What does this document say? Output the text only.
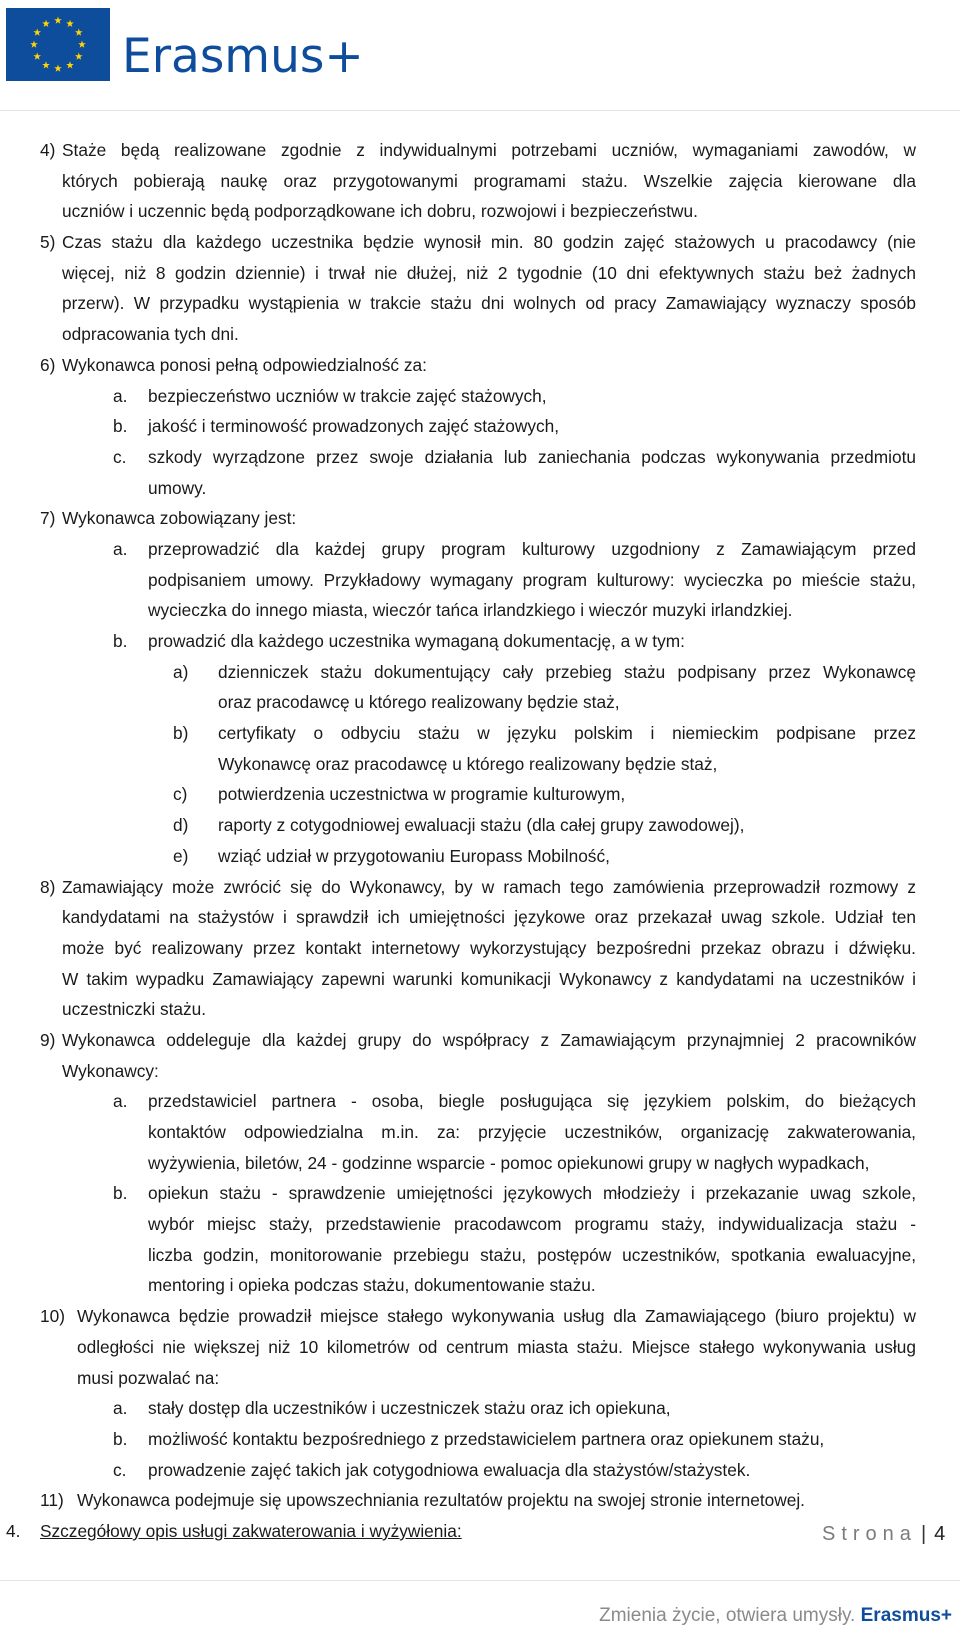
Erasmus+
4) Staże będą realizowane zgodnie z indywidualnymi potrzebami uczniów, wymaganiami zawodów, w
których pobierają naukę oraz przygotowanymi programami stażu. Wszelkie zajęcia kierowane dla
uczniów i uczennic będą podporządkowane ich dobru, rozwojowi i bezpieczeństwu.
5) Czas stażu dla każdego uczestnika będzie wynosił min. 80 godzin zajęć stażowych u pracodawcy (nie
więcej, niż 8 godzin dziennie) i trwał nie dłużej, niż 2 tygodnie (10 dni efektywnych stażu beż żadnych
przerw). W przypadku wystąpienia w trakcie stażu dni wolnych od pracy Zamawiający wyznaczy sposób
odpracowania tych dni.
6) Wykonawca ponosi pełną odpowiedzialność za:
a. bezpieczeństwo uczniów w trakcie zajęć stażowych,
b. jakość i terminowość prowadzonych zajęć stażowych,
c. szkody wyrządzone przez swoje działania lub zaniechania podczas wykonywania przedmiotu
umowy.
7) Wykonawca zobowiązany jest:
a. przeprowadzić dla każdej grupy program kulturowy uzgodniony z Zamawiającym przed
podpisaniem umowy. Przykładowy wymagany program kulturowy: wycieczka po mieście stażu,
wycieczka do innego miasta, wieczór tańca irlandzkiego i wieczór muzyki irlandzkiej.
b. prowadzić dla każdego uczestnika wymaganą dokumentację, a w tym:
a) dzienniczek stażu dokumentujący cały przebieg stażu podpisany przez Wykonawcę
oraz pracodawcę u którego realizowany będzie staż,
b) certyfikaty o odbyciu stażu w języku polskim i niemieckim podpisane przez
Wykonawcę oraz pracodawcę u którego realizowany będzie staż,
c) potwierdzenia uczestnictwa w programie kulturowym,
d) raporty z cotygodniowej ewaluacji stażu (dla całej grupy zawodowej),
e) wziąć udział w przygotowaniu Europass Mobilność,
8) Zamawiający może zwrócić się do Wykonawcy, by w ramach tego zamówienia przeprowadził rozmowy z
kandydatami na stażystów i sprawdził ich umiejętności językowe oraz przekazał uwag szkole. Udział ten
może być realizowany przez kontakt internetowy wykorzystujący bezpośredni przekaz obrazu i dźwięku.
W takim wypadku Zamawiający zapewni warunki komunikacji Wykonawcy z kandydatami na uczestników i
uczestniczki stażu.
9) Wykonawca oddeleguje dla każdej grupy do współpracy z Zamawiającym przynajmniej 2 pracowników
Wykonawcy:
a. przedstawiciel partnera - osoba, biegle posługująca się językiem polskim, do bieżących
kontaktów odpowiedzialna m.in. za: przyjęcie uczestników, organizację zakwaterowania,
wyżywienia, biletów, 24 - godzinne wsparcie - pomoc opiekunowi grupy w nagłych wypadkach,
b. opiekun stażu - sprawdzenie umiejętności językowych młodzieży i przekazanie uwag szkole,
wybór miejsc staży, przedstawienie pracodawcom programu staży, indywidualizacja stażu -
liczba godzin, monitorowanie przebiegu stażu, postępów uczestników, spotkania ewaluacyjne,
mentoring i opieka podczas stażu, dokumentowanie stażu.
10) Wykonawca będzie prowadził miejsce stałego wykonywania usług dla Zamawiającego (biuro projektu) w
odległości nie większej niż 10 kilometrów od centrum miasta stażu. Miejsce stałego wykonywania usług
musi pozwalać na:
a. stały dostęp dla uczestników i uczestniczek stażu oraz ich opiekuna,
b. możliwość kontaktu bezpośredniego z przedstawicielem partnera oraz opiekunem stażu,
c. prowadzenie zajęć takich jak cotygodniowa ewaluacja dla stażystów/stażystek.
11) Wykonawca podejmuje się upowszechniania rezultatów projektu na swojej stronie internetowej.
4. Szczegółowy opis usługi zakwaterowania i wyżywienia:	Strona | 4
Zmienia życie, otwiera umysły. Erasmus+
